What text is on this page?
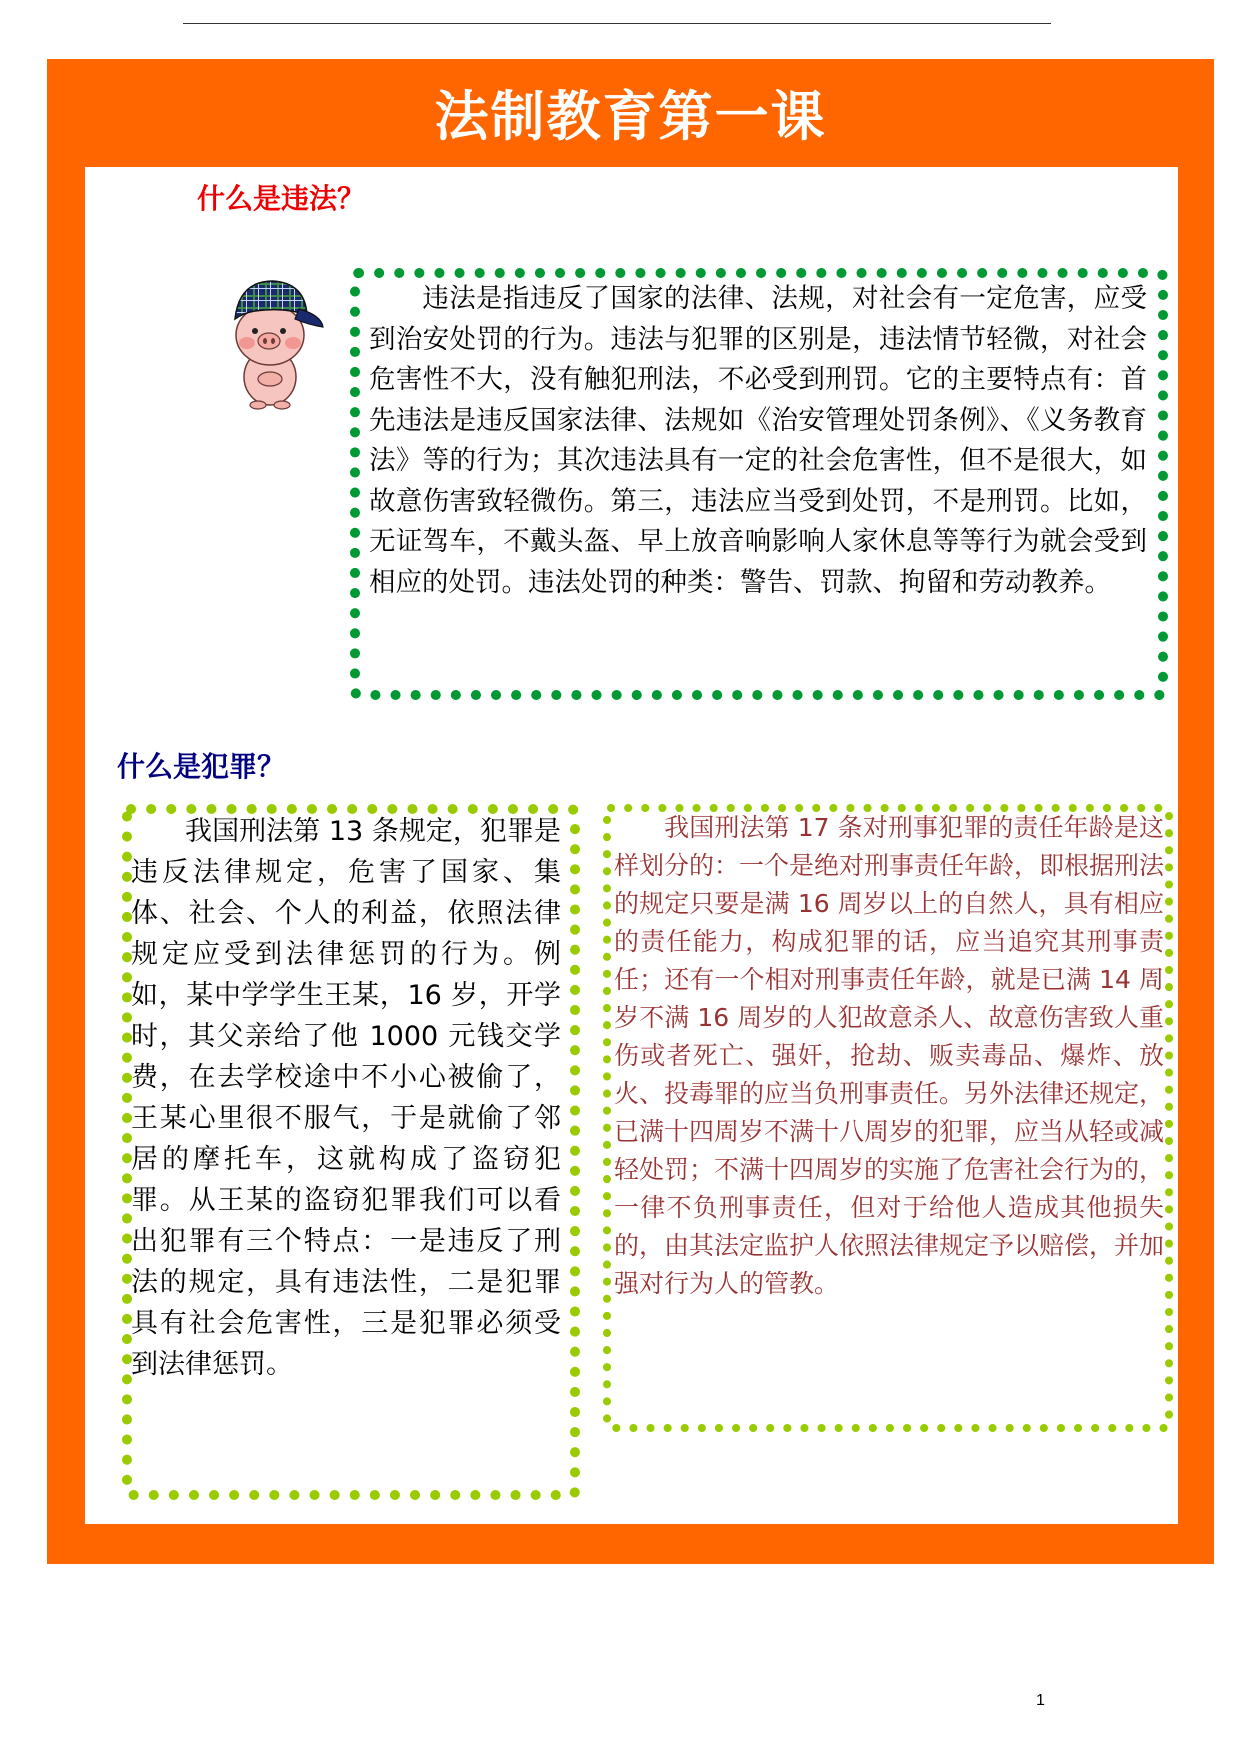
法制教育第一课
什么是违法？

违法是指违反了国家的法律、法规，对社会有一定危害，应受到治安处罚的行为。违法与犯罪的区别是，违法情节轻微，对社会危害性不大，没有触犯刑法，不必受到刑罚。它的主要特点有：首先违法是违反国家法律、法规如《治安管理处罚条例》、《义务教育法》等的行为；其次违法具有一定的社会危害性，但不是很大，如故意伤害致轻微伤。第三，违法应当受到处罚，不是刑罚。比如，无证驾车，不戴头盔、早上放音响影响人家休息等等行为就会受到相应的处罚。违法处罚的种类：警告、罚款、拘留和劳动教养。

什么是犯罪？

我国刑法第 13 条规定，犯罪是违反法律规定，危害了国家、集体、社会、个人的利益，依照法律规定应受到法律惩罚的行为。例如，某中学学生王某，16 岁，开学时，其父亲给了他 1000 元钱交学费，在去学校途中不小心被偷了，王某心里很不服气，于是就偷了邻居的摩托车，这就构成了盗窃犯罪。从王某的盗窃犯罪我们可以看出犯罪有三个特点：一是违反了刑法的规定，具有违法性，二是犯罪具有社会危害性，三是犯罪必须受到法律惩罚。

我国刑法第 17 条对刑事犯罪的责任年龄是这样划分的：一个是绝对刑事责任年龄，即根据刑法的规定只要是满 16 周岁以上的自然人，具有相应的责任能力，构成犯罪的话，应当追究其刑事责任；还有一个相对刑事责任年龄，就是已满 14 周岁不满 16 周岁的人犯故意杀人、故意伤害致人重伤或者死亡、强奸，抢劫、贩卖毒品、爆炸、放火、投毒罪的应当负刑事责任。另外法律还规定，已满十四周岁不满十八周岁的犯罪，应当从轻或减轻处罚；不满十四周岁的实施了危害社会行为的，一律不负刑事责任，但对于给他人造成其他损失的，由其法定监护人依照法律规定予以赔偿，并加强对行为人的管教。

1
